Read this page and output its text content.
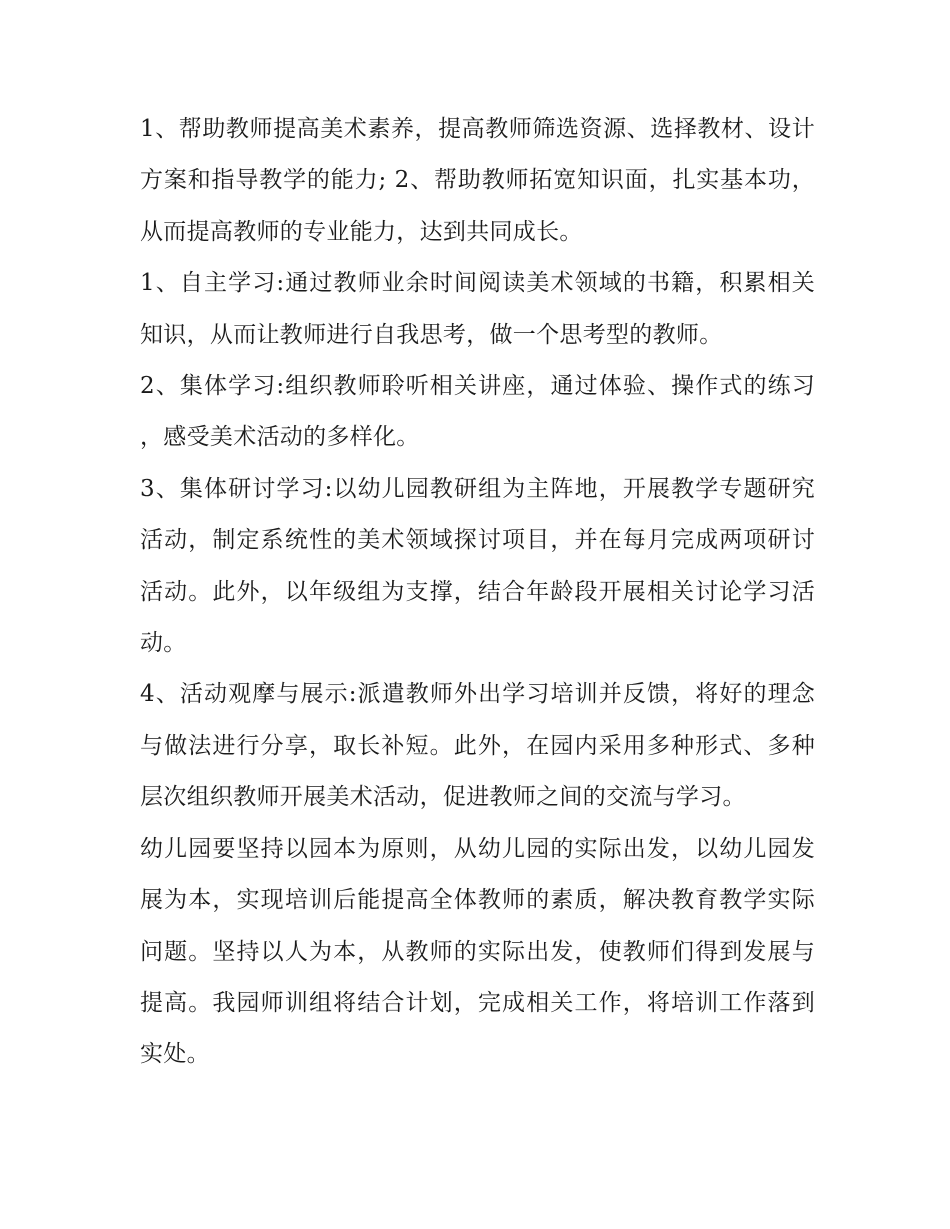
1、帮助教师提高美术素养，提高教师筛选资源、选择教材、设计方案和指导教学的能力; 2、帮助教师拓宽知识面，扎实基本功，从而提高教师的专业能力，达到共同成长。

1、自主学习:通过教师业余时间阅读美术领域的书籍，积累相关知识，从而让教师进行自我思考，做一个思考型的教师。

2、集体学习:组织教师聆听相关讲座，通过体验、操作式的练习，感受美术活动的多样化。

3、集体研讨学习:以幼儿园教研组为主阵地，开展教学专题研究活动，制定系统性的美术领域探讨项目，并在每月完成两项研讨活动。此外，以年级组为支撑，结合年龄段开展相关讨论学习活动。

4、活动观摩与展示:派遣教师外出学习培训并反馈，将好的理念与做法进行分享，取长补短。此外，在园内采用多种形式、多种层次组织教师开展美术活动，促进教师之间的交流与学习。

幼儿园要坚持以园本为原则，从幼儿园的实际出发，以幼儿园发展为本，实现培训后能提高全体教师的素质，解决教育教学实际问题。坚持以人为本，从教师的实际出发，使教师们得到发展与提高。我园师训组将结合计划，完成相关工作，将培训工作落到实处。
